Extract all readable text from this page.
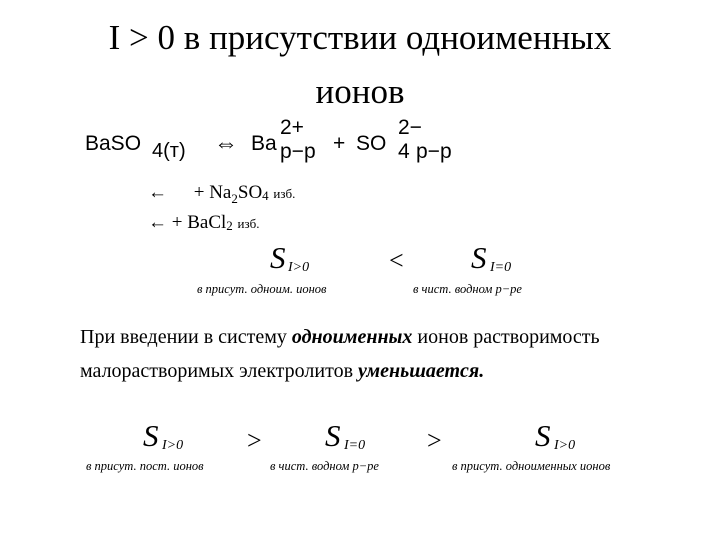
I > 0 в присутствии одноименных
ионов
BaSO 4(т) ⇔ Ba
2+
p−p + SO 4
2−
p−p
← + $Na_2SO4$ изб.
← + BaCl2 изб.
S I>0
в присут. одноим. ионов
< S I=0
в чист. водном р−ре
При введении в систему одноименных ионов растворимость малорастворимых электролитов уменьшается.
S I>0
в присут. пост. ионов
> S I=0
в чист. водном р−ре
>	S I>0
в присут. одноименных ионов
